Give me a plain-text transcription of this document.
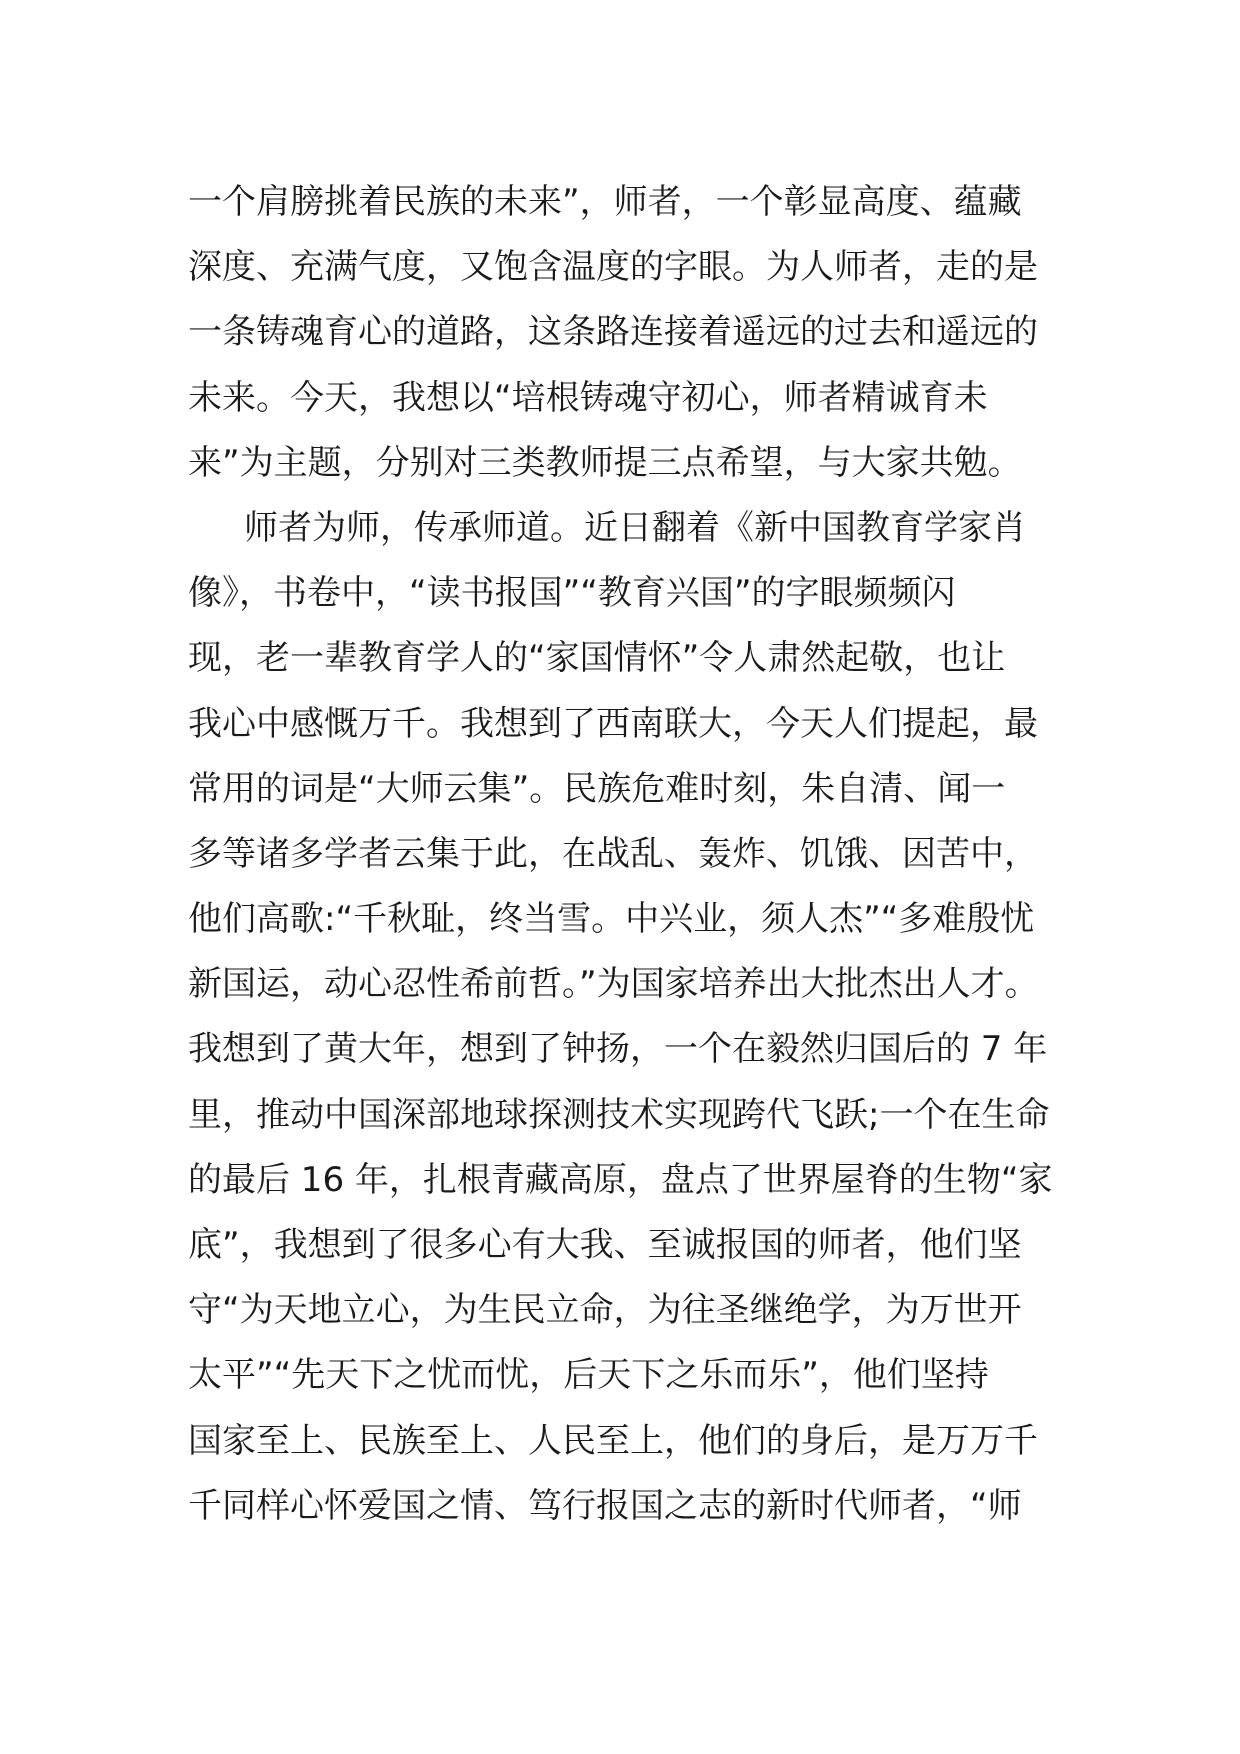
一个肩膀挑着民族的未来”，师者，一个彰显高度、蕴藏
深度、充满气度，又饱含温度的字眼。为人师者，走的是
一条铸魂育心的道路，这条路连接着遥远的过去和遥远的
未来。今天，我想以“培根铸魂守初心，师者精诚育未
来”为主题，分别对三类教师提三点希望，与大家共勉。
师者为师，传承师道。近日翻着《新中国教育学家肖
像》，书卷中，“读书报国”“教育兴国”的字眼频频闪
现，老一辈教育学人的“家国情怀”令人肃然起敬，也让
我心中感慨万千。我想到了西南联大，今天人们提起，最
常用的词是“大师云集”。民族危难时刻，朱自清、闻一
多等诸多学者云集于此，在战乱、轰炸、饥饿、因苦中，
他们高歌:“千秋耻，终当雪。中兴业，须人杰”“多难殷忧
新国运，动心忍性希前哲。”为国家培养出大批杰出人才。
我想到了黄大年，想到了钟扬，一个在毅然归国后的 7 年
里，推动中国深部地球探测技术实现跨代飞跃;一个在生命
的最后 16 年，扎根青藏高原，盘点了世界屋脊的生物“家
底”，我想到了很多心有大我、至诚报国的师者，他们坚
守“为天地立心，为生民立命，为往圣继绝学，为万世开
太平”“先天下之忧而忧，后天下之乐而乐”，他们坚持
国家至上、民族至上、人民至上，他们的身后，是万万千
千同样心怀爱国之情、笃行报国之志的新时代师者，“师
